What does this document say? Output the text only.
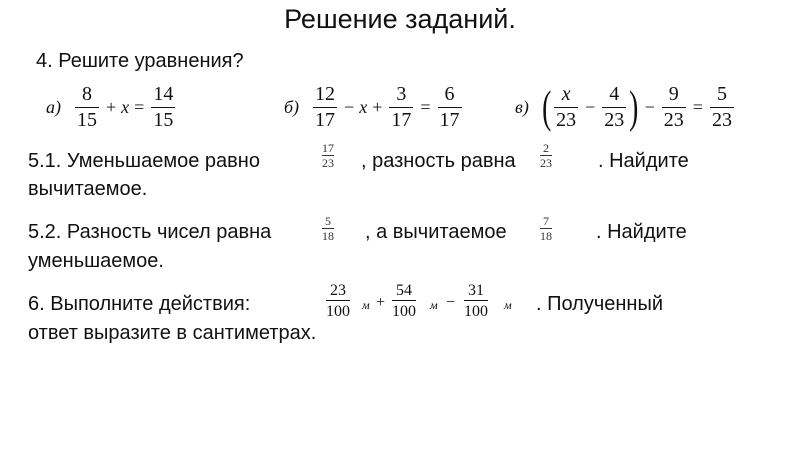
Решение заданий.
4. Решите уравнения?
$а) \frac{8}{15} + x = \frac{14}{15}$	$б) \frac{12}{17} - x + \frac{3}{17} = \frac{6}{17}$	в) ( $\frac{x}{23} - \frac{4}{23}$ ) − $\frac{9}{23} = \frac{5}{23}$
5.1. Уменьшаемое равно	$\frac{17}{23}$ , разность равна $\frac{2}{23}$ . Найдите
вычитаемое.
5.2. Разность чисел равна	$\frac{5}{18}$ , а вычитаемое	$\frac{7}{18}$ . Найдите
уменьшаемое.
6. Выполните действия:	$\frac{23}{100}$ $м + \frac{54}{100}$ $м - \frac{31}{100}$ м . Полученный
ответ выразите в сантиметрах.
